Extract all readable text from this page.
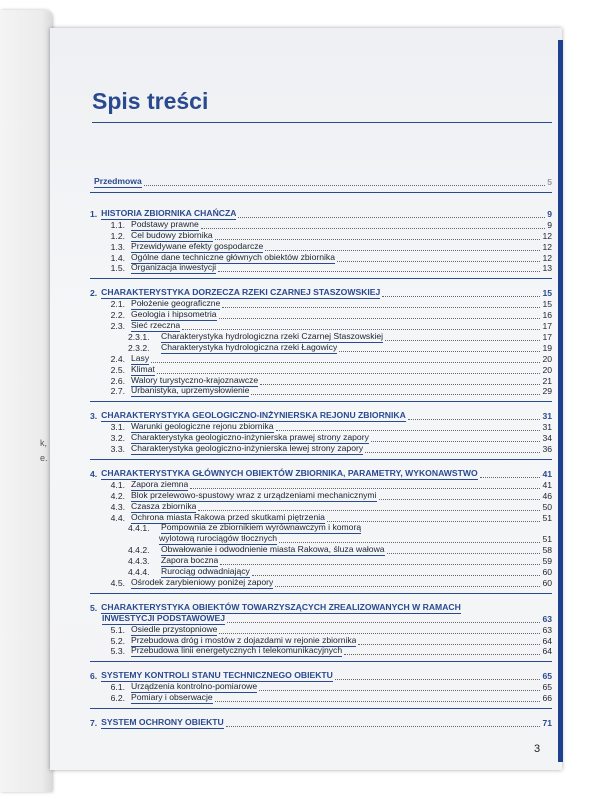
k,
e.
Spis treści
Przedmowa	5
1. HISTORIA ZBIORNIKA CHAŃCZA	9
1.1. Podstawy prawne	9
1.2. Cel budowy zbiornika	12
1.3. Przewidywane efekty gospodarcze	12
1.4. Ogólne dane techniczne głównych obiektów zbiornika	12
1.5. Organizacja inwestycji	13
2. CHARAKTERYSTYKA DORZECZA RZEKI CZARNEJ STASZOWSKIEJ	15
2.1. Położenie geograficzne	15
2.2. Geologia i hipsometria	16
2.3. Sieć rzeczna	17
2.3.1.	Charakterystyka hydrologiczna rzeki Czarnej Staszowskiej	17
2.3.2.	Charakterystyka hydrologiczna rzeki Łagowicy	19
2.4. Lasy	20
2.5. Klimat	20
2.6. Walory turystyczno-krajoznawcze	21
2.7. Urbanistyka, uprzemysłowienie	29
3. CHARAKTERYSTYKA GEOLOGICZNO-INŻYNIERSKA REJONU ZBIORNIKA	31
3.1. Warunki geologiczne rejonu zbiornika	31
3.2. Charakterystyka geologiczno-inżynierska prawej strony zapory	34
3.3. Charakterystyka geologiczno-inżynierska lewej strony zapory	36
4. CHARAKTERYSTYKA GŁÓWNYCH OBIEKTÓW ZBIORNIKA, PARAMETRY, WYKONAWSTWO	41
4.1. Zapora ziemna	41
4.2. Blok przelewowo-spustowy wraz z urządzeniami mechanicznymi	46
4.3. Czasza zbiornika	50
4.4. Ochrona miasta Rakowa przed skutkami piętrzenia	51
4.4.1.	Pompownia ze zbiornikiem wyrównawczym i komorą
wylotową rurociągów tłocznych	51
4.4.2.	Obwałowanie i odwodnienie miasta Rakowa, śluza wałowa	58
4.4.3.	Zapora boczna	59
4.4.4.	Rurociąg odwadniający	60
4.5. Ośrodek zarybieniowy poniżej zapory	60
5. CHARAKTERYSTYKA OBIEKTÓW TOWARZYSZĄCYCH ZREALIZOWANYCH W RAMACH
INWESTYCJI PODSTAWOWEJ	63
5.1. Osiedle przystopniowe	63
5.2. Przebudowa dróg i mostów z dojazdami w rejonie zbiornika	64
5.3. Przebudowa linii energetycznych i telekomunikacyjnych	64
6. SYSTEMY KONTROLI STANU TECHNICZNEGO OBIEKTU	65
6.1. Urządzenia kontrolno-pomiarowe	65
6.2. Pomiary i obserwacje	66
7. SYSTEM OCHRONY OBIEKTU	71
3
